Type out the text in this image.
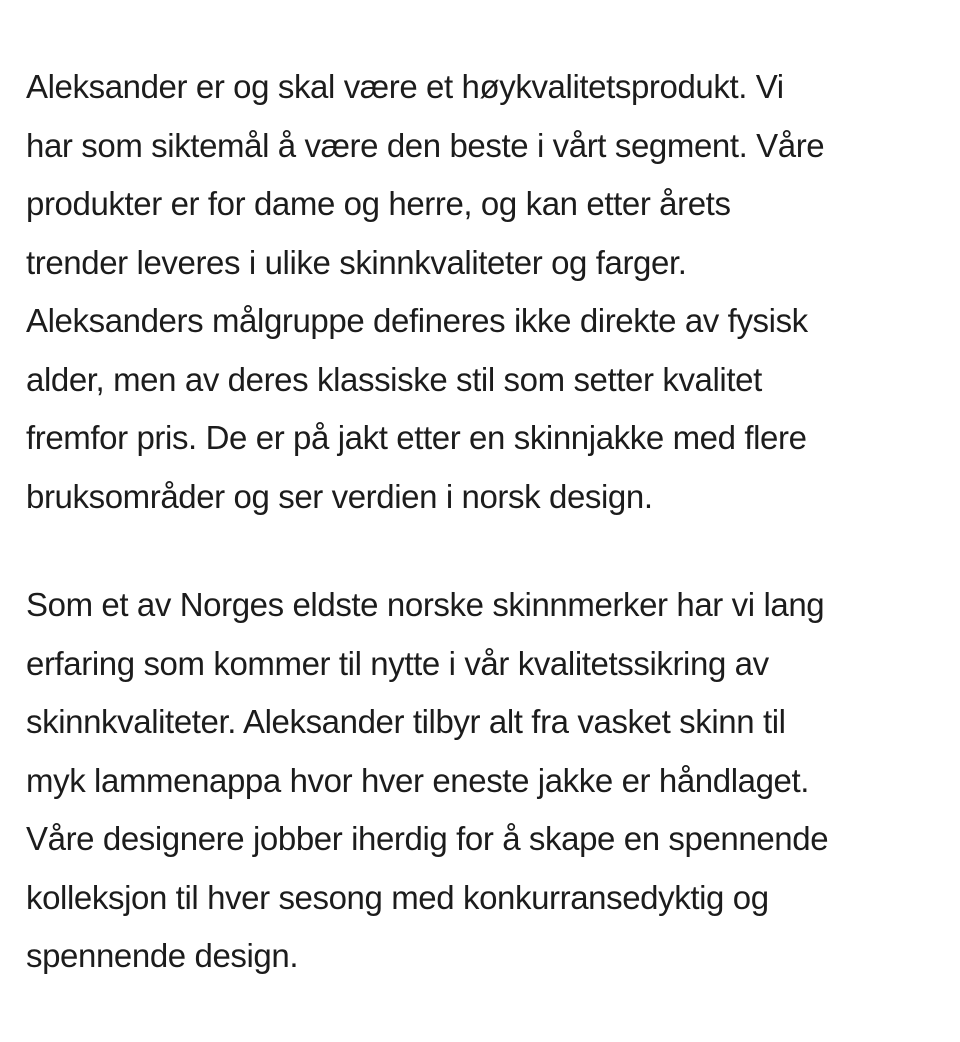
Aleksander er og skal være et høykvalitetsprodukt. Vi
har som siktemål å være den beste i vårt segment. Våre
produkter er for dame og herre, og kan etter årets
trender leveres i ulike skinnkvaliteter og farger.
Aleksanders målgruppe defineres ikke direkte av fysisk
alder, men av deres klassiske stil som setter kvalitet
fremfor pris. De er på jakt etter en skinnjakke med flere
bruksområder og ser verdien i norsk design.

Som et av Norges eldste norske skinnmerker har vi lang
erfaring som kommer til nytte i vår kvalitetssikring av
skinnkvaliteter. Aleksander tilbyr alt fra vasket skinn til
myk lammenappa hvor hver eneste jakke er håndlaget.
Våre designere jobber iherdig for å skape en spennende
kolleksjon til hver sesong med konkurransedyktig og
spennende design.
